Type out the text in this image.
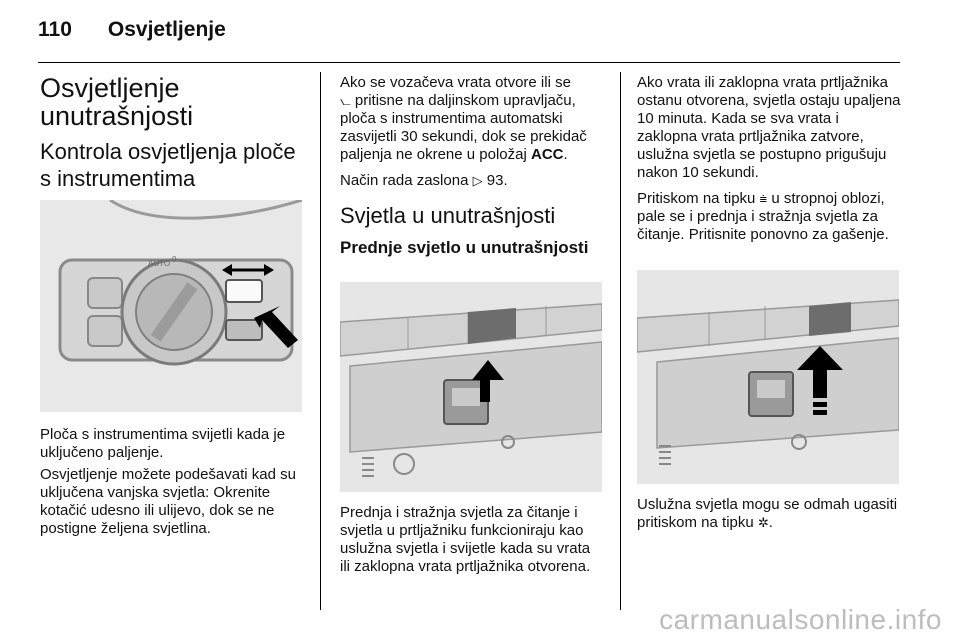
110 Osvjetljenje
Osvjetljenje unutrašnjosti
Kontrola osvjetljenja ploče s instrumentima
AUTO 0

Ploča s instrumentima svijetli kada je uključeno paljenje.

Osvjetljenje možete podešavati kad su uključena vanjska svjetla: Okrenite kotačić udesno ili ulijevo, dok se ne postigne željena svjetlina.

Ako se vozačeva vrata otvore ili se
⦦ pritisne na daljinskom upravljaču, ploča s instrumentima automatski zasvijetli 30 sekundi, dok se prekidač paljenja ne okrene u položaj ACC.

Način rada zaslona ▷ 93.

Svjetla u unutrašnjosti
Prednje svjetlo u unutrašnjosti

Prednja i stražnja svjetla za čitanje i svjetla u prtljažniku funkcioniraju kao uslužna svjetla i svijetle kada su vrata ili zaklopna vrata prtljažnika otvorena.

Ako vrata ili zaklopna vrata prtljažnika ostanu otvorena, svjetla ostaju upaljena 10 minuta. Kada se sva vrata i zaklopna vrata prtljažnika zatvore, uslužna svjetla se postupno prigušuju nakon 10 sekundi.

Pritiskom na tipku ⩧ u stropnoj oblozi, pale se i prednja i stražnja svjetla za čitanje. Pritisnite ponovno za gašenje.

Uslužna svjetla mogu se odmah ugasiti pritiskom na tipku ✲.

carmanualsonline.info
